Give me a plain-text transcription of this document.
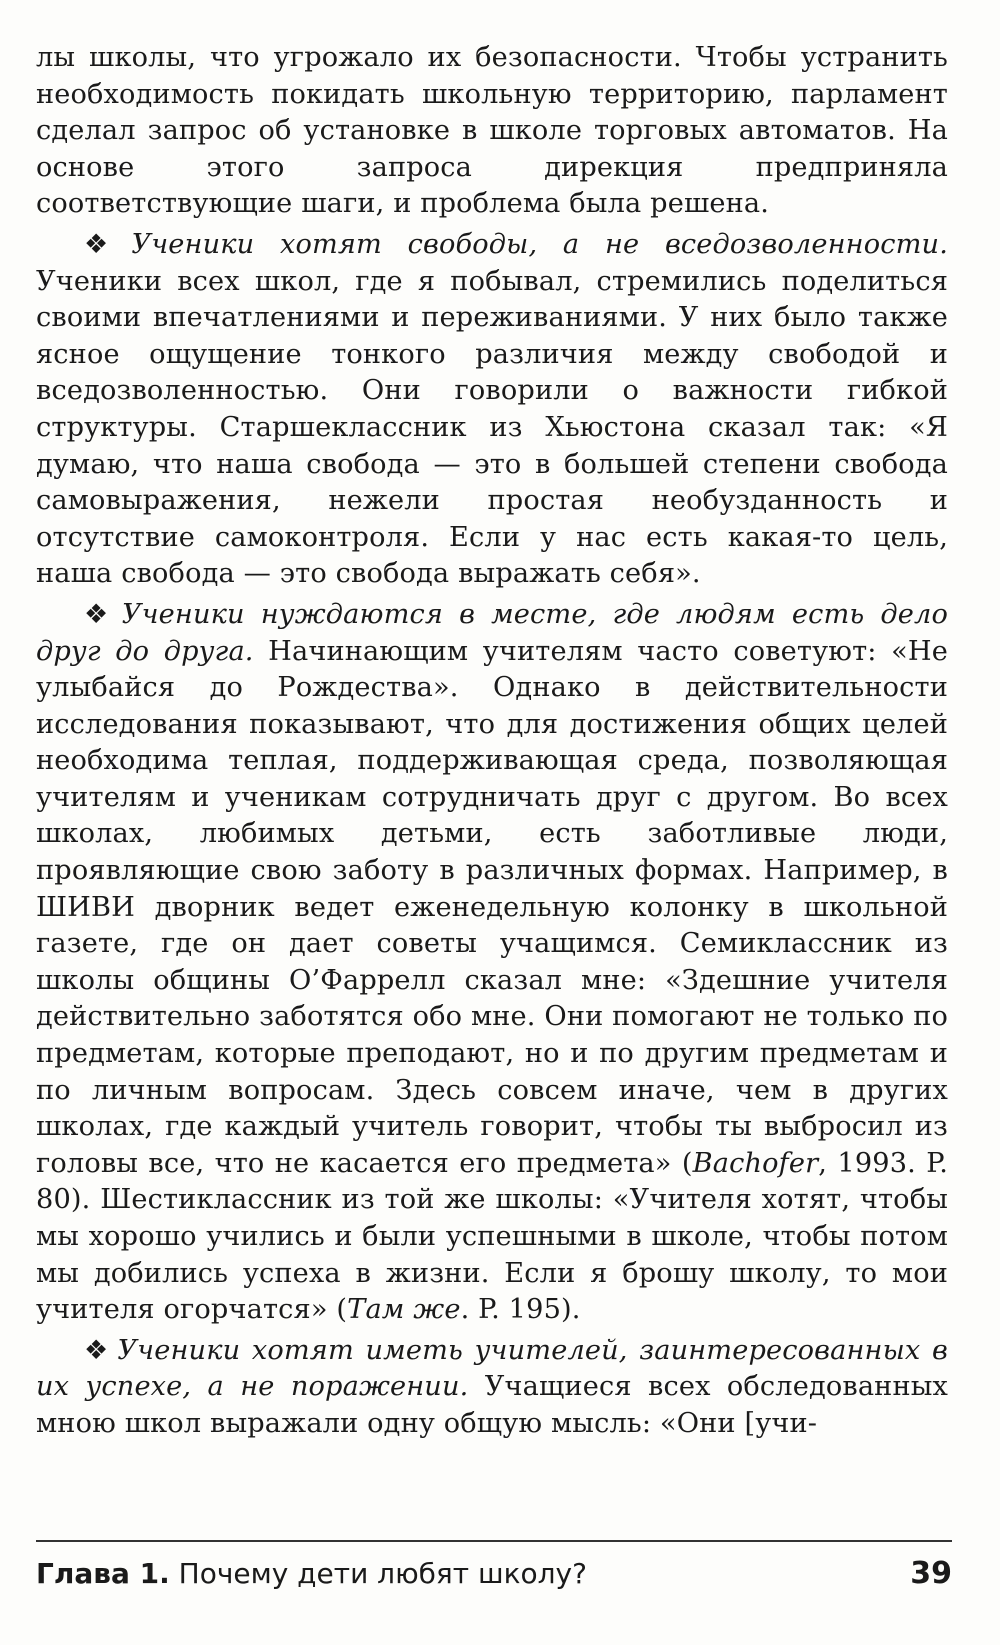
лы школы, что угрожало их безопасности. Чтобы устранить необходимость покидать школьную территорию, парламент сделал запрос об установке в школе торговых автоматов. На основе этого запроса дирекция предприняла соответствующие шаги, и проблема была решена.

❖ Ученики хотят свободы, а не вседозволенности. Ученики всех школ, где я побывал, стремились поделиться своими впечатлениями и переживаниями. У них было также ясное ощущение тонкого различия между свободой и вседозволенностью. Они говорили о важности гибкой структуры. Старшеклассник из Хьюстона сказал так: «Я думаю, что наша свобода — это в большей степени свобода самовыражения, нежели простая необузданность и отсутствие самоконтроля. Если у нас есть какая-то цель, наша свобода — это свобода выражать себя».

❖ Ученики нуждаются в месте, где людям есть дело друг до друга. Начинающим учителям часто советуют: «Не улыбайся до Рождества». Однако в действительности исследования показывают, что для достижения общих целей необходима теплая, поддерживающая среда, позволяющая учителям и ученикам сотрудничать друг с другом. Во всех школах, любимых детьми, есть заботливые люди, проявляющие свою заботу в различных формах. Например, в ШИВИ дворник ведет еженедельную колонку в школьной газете, где он дает советы учащимся. Семиклассник из школы общины О’Фаррелл сказал мне: «Здешние учителя действительно заботятся обо мне. Они помогают не только по предметам, которые преподают, но и по другим предметам и по личным вопросам. Здесь совсем иначе, чем в других школах, где каждый учитель говорит, чтобы ты выбросил из головы все, что не касается его предмета» (Bachofer, 1993. P. 80). Шестиклассник из той же школы: «Учителя хотят, чтобы мы хорошо учились и были успешными в школе, чтобы потом мы добились успеха в жизни. Если я брошу школу, то мои учителя огорчатся» (Там же. P. 195).

❖ Ученики хотят иметь учителей, заинтересованных в их успехе, а не поражении. Учащиеся всех обследованных мною школ выражали одну общую мысль: «Они [учи-

Глава 1. Почему дети любят школу?	39
